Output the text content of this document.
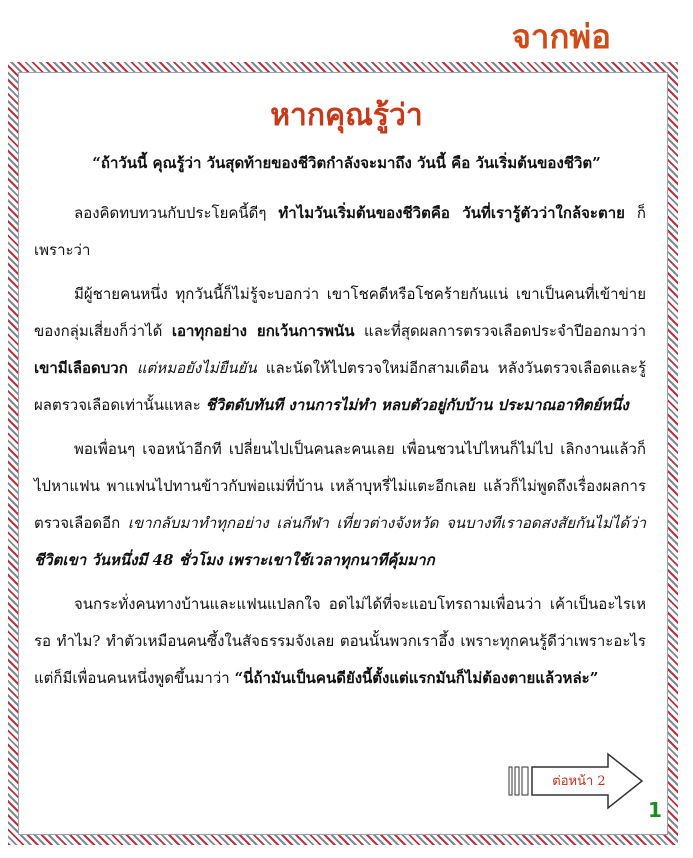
จากพ่อ
หากคุณรู้ว่า

“ถ้าวันนี้ คุณรู้ว่า วันสุดท้ายของชีวิตกำลังจะมาถึง วันนี้ คือ วันเริ่มต้นของชีวิต”

ลองคิดทบทวนกับประโยคนี้ดีๆ ทำไมวันเริ่มต้นของชีวิตคือ วันที่เรารู้ตัวว่าใกล้จะตาย ก็เพราะว่า

มีผู้ชายคนหนึ่ง ทุกวันนี้ก็ไม่รู้จะบอกว่า เขาโชคดีหรือโชคร้ายกันแน่ เขาเป็นคนที่เข้าข่ายของกลุ่มเสี่ยงก็ว่าได้ เอาทุกอย่าง ยกเว้นการพนัน และที่สุดผลการตรวจเลือดประจำปีออกมาว่า เขามีเลือดบวก แต่หมอยังไม่ยืนยัน และนัดให้ไปตรวจใหม่อีกสามเดือน หลังวันตรวจเลือดและรู้ผลตรวจเลือดเท่านั้นแหละ ชีวิตดับทันที งานการไม่ทำ หลบตัวอยู่กับบ้าน ประมาณอาทิตย์หนึ่ง

พอเพื่อนๆ เจอหน้าอีกที เปลี่ยนไปเป็นคนละคนเลย เพื่อนชวนไปไหนก็ไม่ไป เลิกงานแล้วก็ไปหาแฟน พาแฟนไปทานข้าวกับพ่อแม่ที่บ้าน เหล้าบุหรี่ไม่แตะอีกเลย แล้วก็ไม่พูดถึงเรื่องผลการตรวจเลือดอีก เขากลับมาทำทุกอย่าง เล่นกีฬา เที่ยวต่างจังหวัด จนบางทีเราอดสงสัยกันไม่ได้ว่า ชีวิตเขา วันหนึ่งมี 48 ชั่วโมง เพราะเขาใช้เวลาทุกนาทีคุ้มมาก

จนกระทั่งคนทางบ้านและแฟนแปลกใจ อดไม่ได้ที่จะแอบโทรถามเพื่อนว่า เค้าเป็นอะไรเหรอ ทำไม? ทำตัวเหมือนคนซึ้งในสัจธรรมจังเลย ตอนนั้นพวกเราอึ้ง เพราะทุกคนรู้ดีว่าเพราะอะไร แต่ก็มีเพื่อนคนหนึ่งพูดขึ้นมาว่า “นี่ถ้ามันเป็นคนดียังนี้ตั้งแต่แรกมันก็ไม่ต้องตายแล้วหล่ะ”

ต่อหน้า 2
1
